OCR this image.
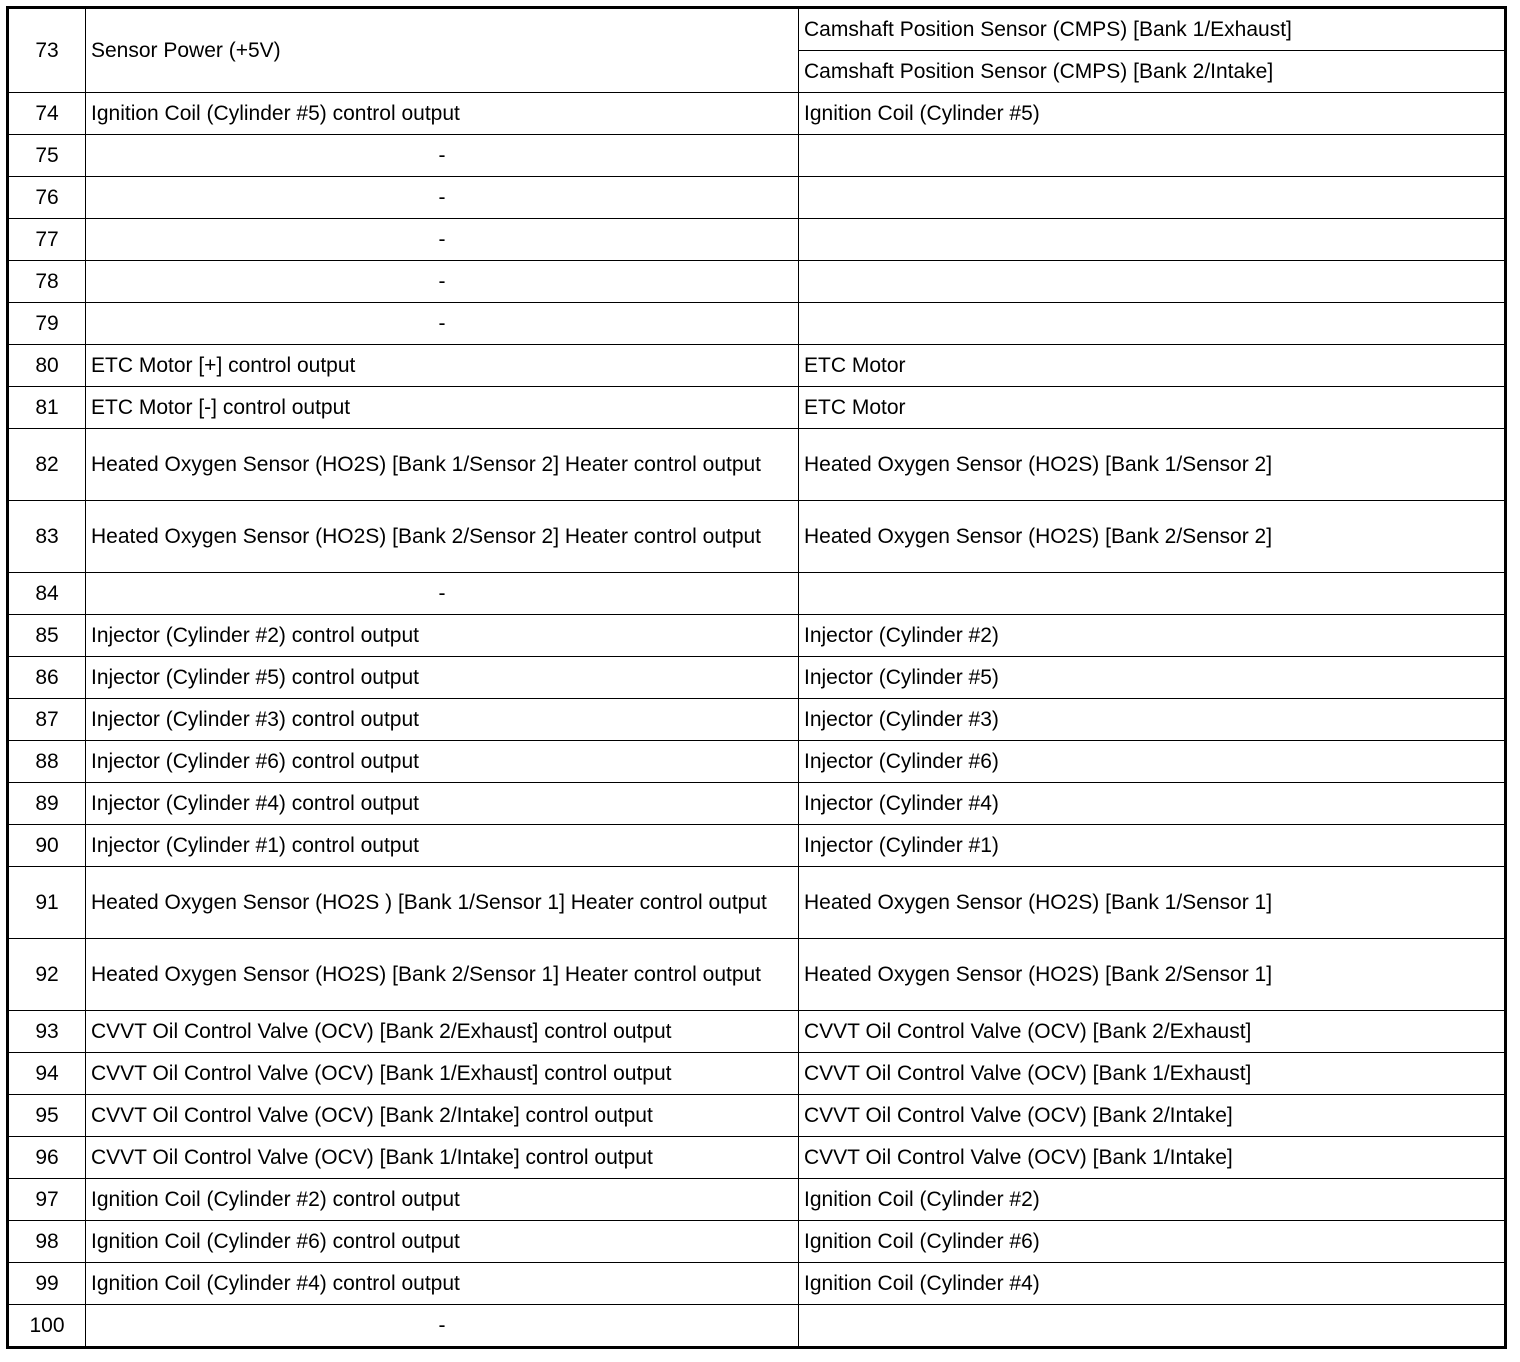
73	Sensor Power (+5V)	Camshaft Position Sensor (CMPS) [Bank 1/Exhaust]
		Camshaft Position Sensor (CMPS) [Bank 2/Intake]
74	Ignition Coil (Cylinder #5) control output	Ignition Coil (Cylinder #5)
75	-	
76	-	
77	-	
78	-	
79	-	
80	ETC Motor [+] control output	ETC Motor
81	ETC Motor [-] control output	ETC Motor
82	Heated Oxygen Sensor (HO2S) [Bank 1/Sensor 2] Heater control output	Heated Oxygen Sensor (HO2S) [Bank 1/Sensor 2]
83	Heated Oxygen Sensor (HO2S) [Bank 2/Sensor 2] Heater control output	Heated Oxygen Sensor (HO2S) [Bank 2/Sensor 2]
84	-	
85	Injector (Cylinder #2) control output	Injector (Cylinder #2)
86	Injector (Cylinder #5) control output	Injector (Cylinder #5)
87	Injector (Cylinder #3) control output	Injector (Cylinder #3)
88	Injector (Cylinder #6) control output	Injector (Cylinder #6)
89	Injector (Cylinder #4) control output	Injector (Cylinder #4)
90	Injector (Cylinder #1) control output	Injector (Cylinder #1)
91	Heated Oxygen Sensor (HO2S ) [Bank 1/Sensor 1] Heater control output	Heated Oxygen Sensor (HO2S) [Bank 1/Sensor 1]
92	Heated Oxygen Sensor (HO2S) [Bank 2/Sensor 1] Heater control output	Heated Oxygen Sensor (HO2S) [Bank 2/Sensor 1]
93	CVVT Oil Control Valve (OCV) [Bank 2/Exhaust] control output	CVVT Oil Control Valve (OCV) [Bank 2/Exhaust]
94	CVVT Oil Control Valve (OCV) [Bank 1/Exhaust] control output	CVVT Oil Control Valve (OCV) [Bank 1/Exhaust]
95	CVVT Oil Control Valve (OCV) [Bank 2/Intake] control output	CVVT Oil Control Valve (OCV) [Bank 2/Intake]
96	CVVT Oil Control Valve (OCV) [Bank 1/Intake] control output	CVVT Oil Control Valve (OCV) [Bank 1/Intake]
97	Ignition Coil (Cylinder #2) control output	Ignition Coil (Cylinder #2)
98	Ignition Coil (Cylinder #6) control output	Ignition Coil (Cylinder #6)
99	Ignition Coil (Cylinder #4) control output	Ignition Coil (Cylinder #4)
100	-	
